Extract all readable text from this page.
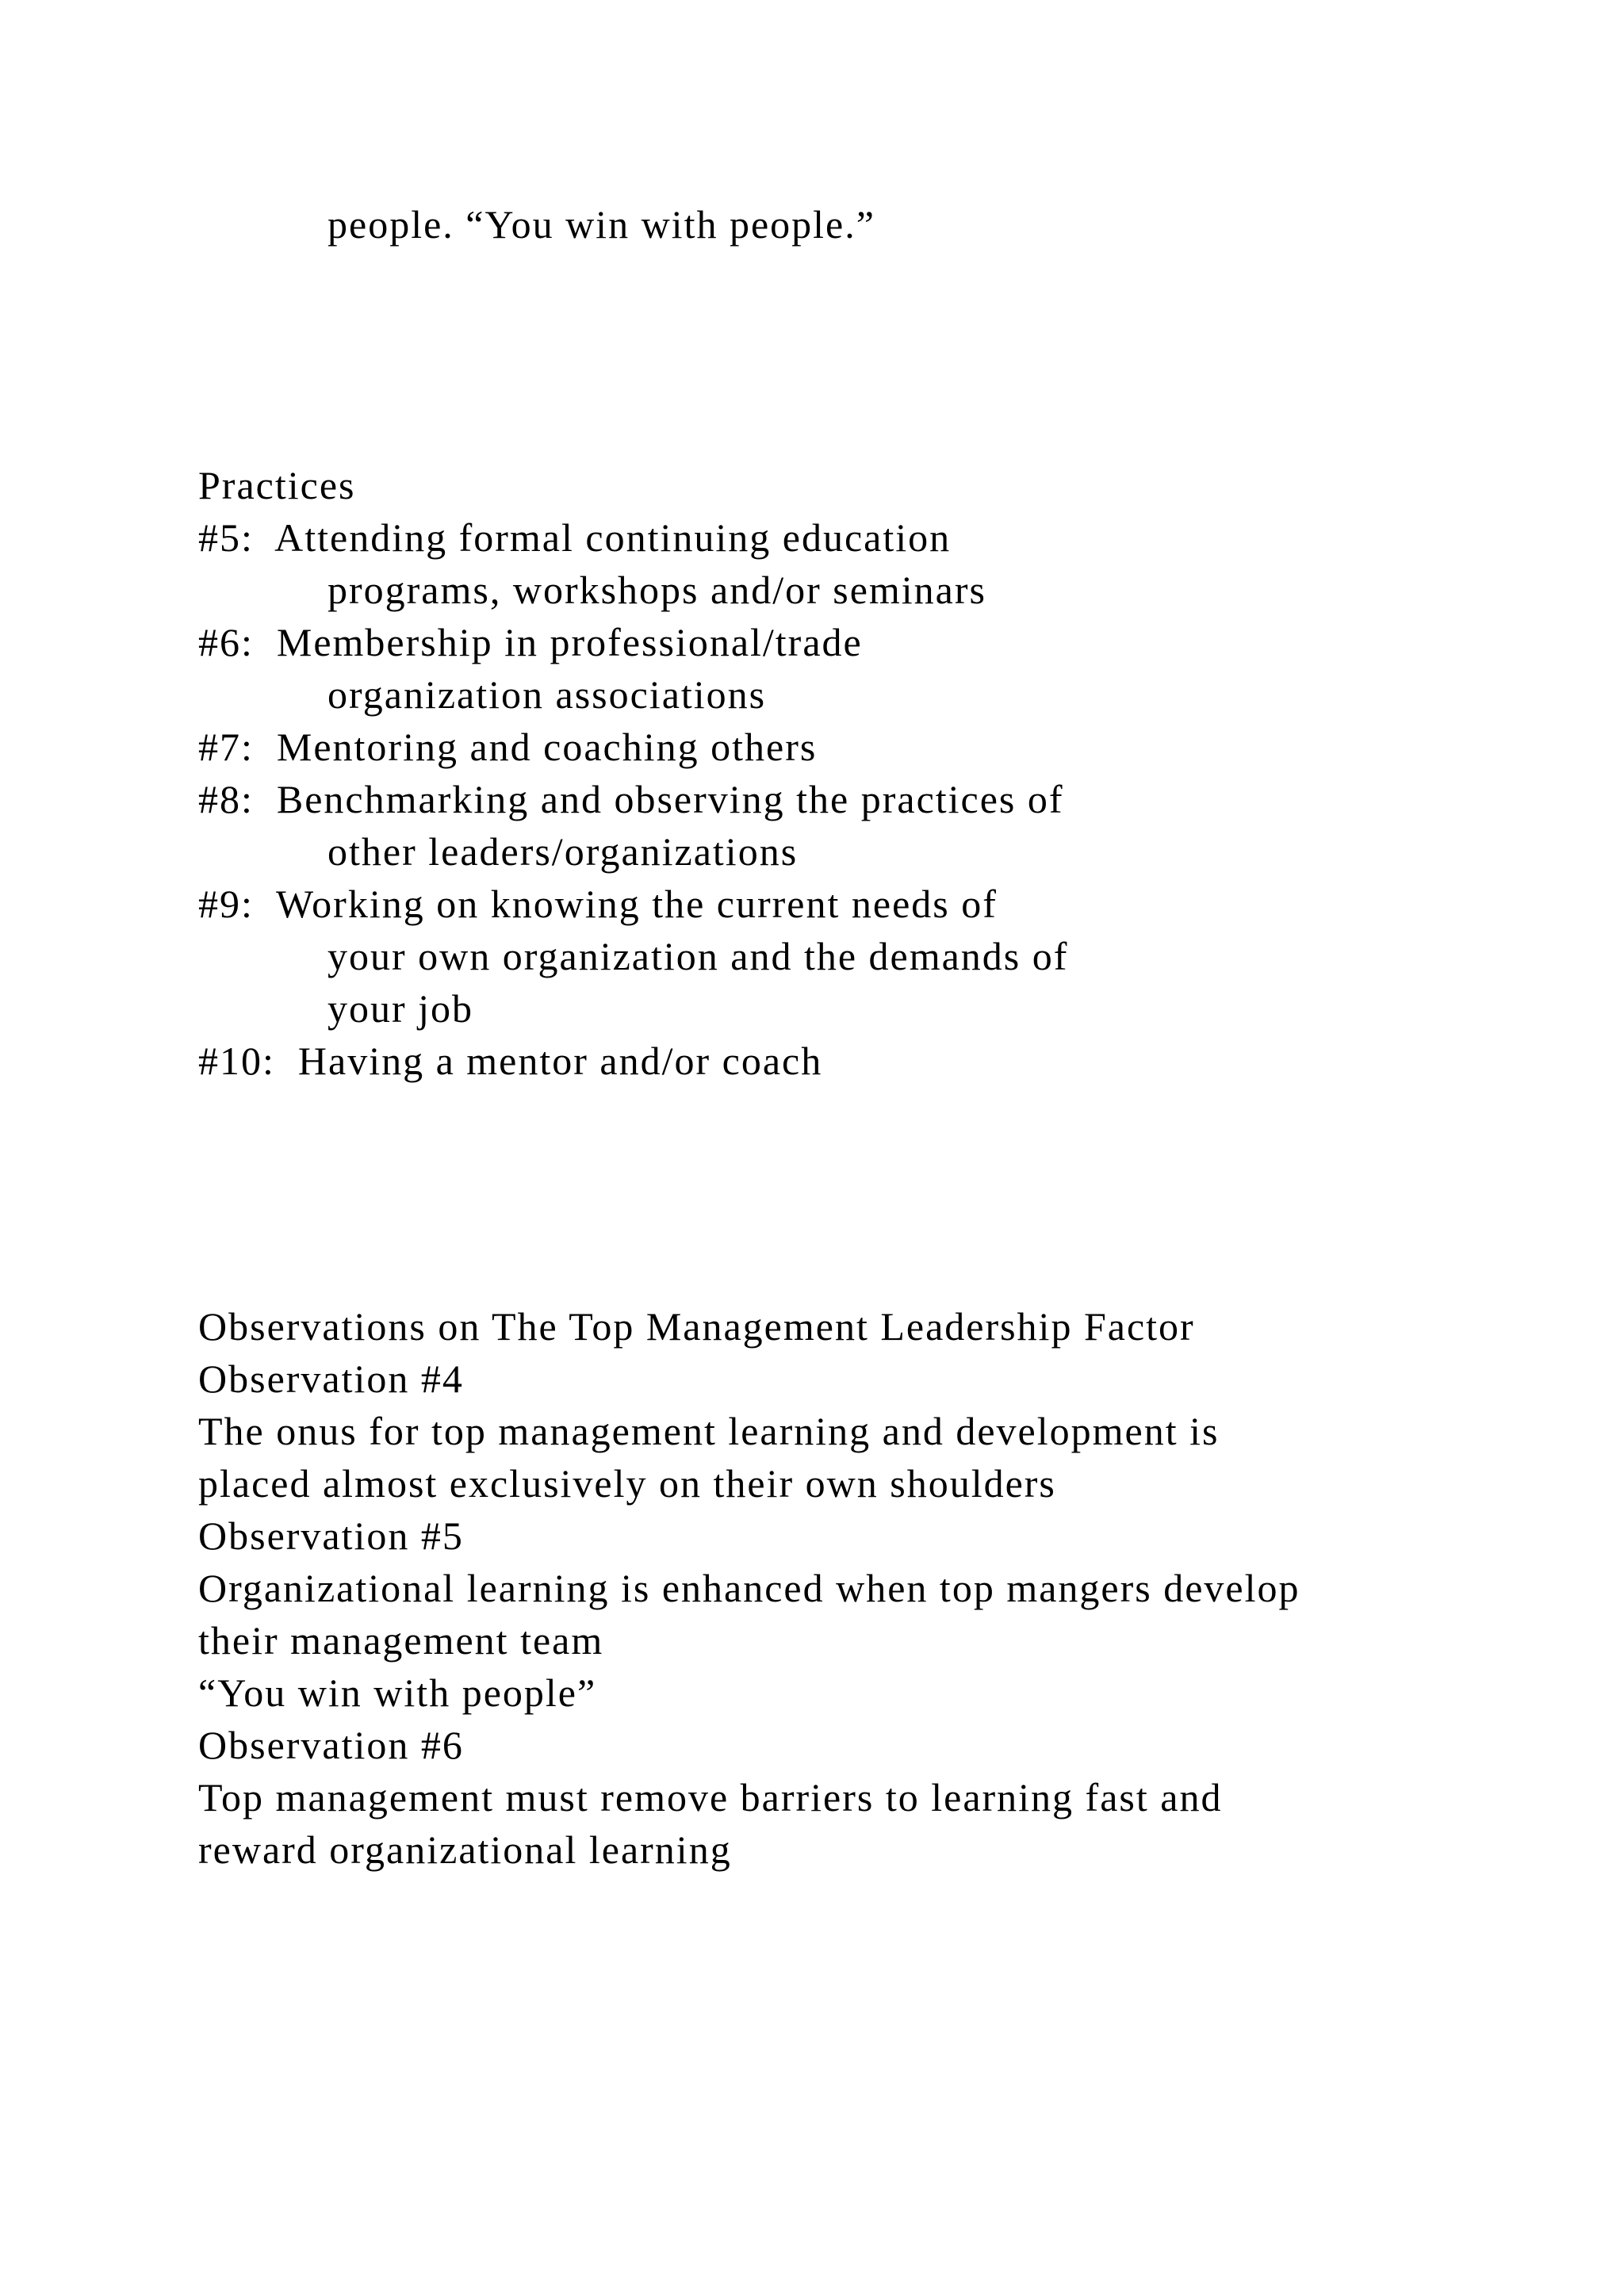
people. “You win with people.”
Practices
#5:  Attending formal continuing education
programs, workshops and/or seminars
#6:  Membership in professional/trade
organization associations
#7:  Mentoring and coaching others
#8:  Benchmarking and observing the practices of
other leaders/organizations
#9:  Working on knowing the current needs of
your own organization and the demands of
your job
#10:  Having a mentor and/or coach
Observations on The Top Management Leadership Factor
Observation #4
The onus for top management learning and development is
placed almost exclusively on their own shoulders
Observation #5
Organizational learning is enhanced when top mangers develop
their management team
“You win with people”
Observation #6
Top management must remove barriers to learning fast and
reward organizational learning
